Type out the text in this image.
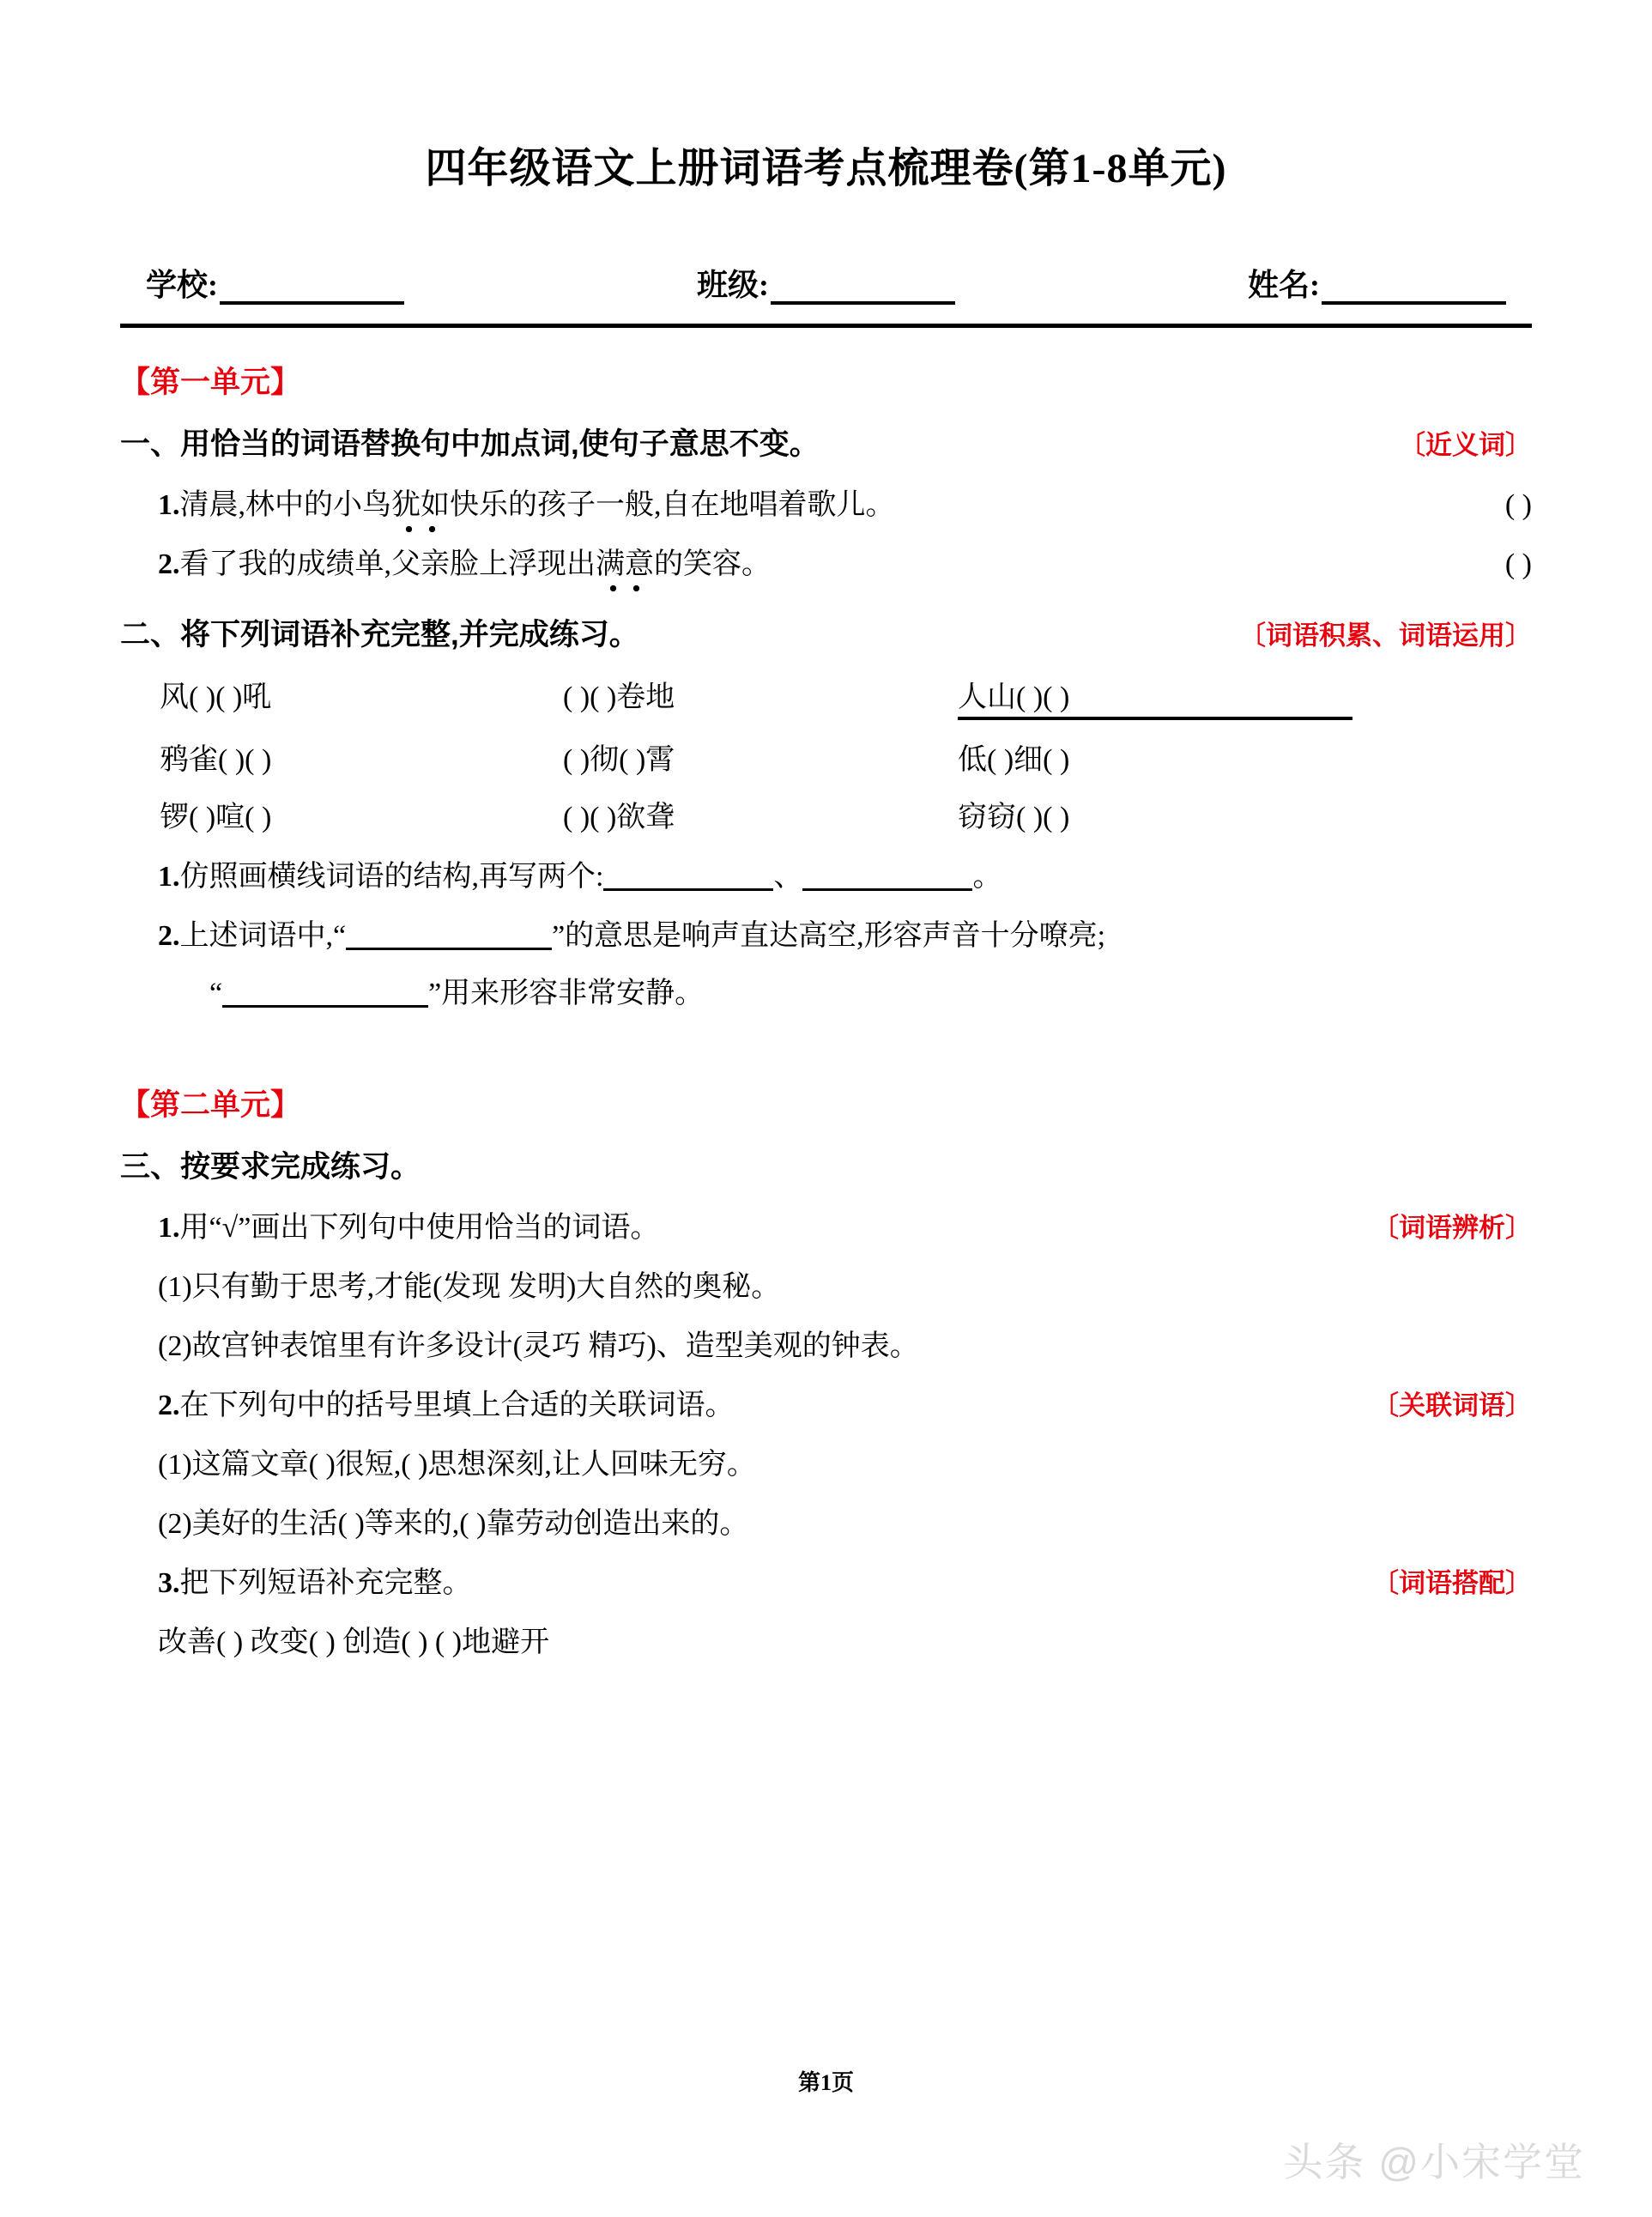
四年级语文上册词语考点梳理卷(第1-8单元)
学校:	班级:	姓名:
【第一单元】
一、用恰当的词语替换句中加点词,使句子意思不变。	〔近义词〕
1.清晨,林中的小鸟犹如快乐的孩子一般,自在地唱着歌儿。	( )
2.看了我的成绩单,父亲脸上浮现出满意的笑容。	( )
二、将下列词语补充完整,并完成练习。	〔词语积累、词语运用〕
风( )( )吼	( )( )卷地	人山( )( )
鸦雀( )( )	( )彻( )霄	低( )细( )
锣( )喧( )	( )( )欲聋	窃窃( )( )
1.仿照画横线词语的结构,再写两个:	、	。
2.上述词语中,“	”的意思是响声直达高空,形容声音十分嘹亮;
“	”用来形容非常安静。
【第二单元】
三、按要求完成练习。
1.用“√”画出下列句中使用恰当的词语。	〔词语辨析〕
(1)只有勤于思考,才能(发现 发明)大自然的奥秘。
(2)故宫钟表馆里有许多设计(灵巧 精巧)、造型美观的钟表。
2.在下列句中的括号里填上合适的关联词语。	〔关联词语〕
(1)这篇文章( )很短,( )思想深刻,让人回味无穷。
(2)美好的生活( )等来的,( )靠劳动创造出来的。
3.把下列短语补充完整。	〔词语搭配〕
改善( ) 改变( ) 创造( ) ( )地避开
第1页
头条 @小宋学堂
